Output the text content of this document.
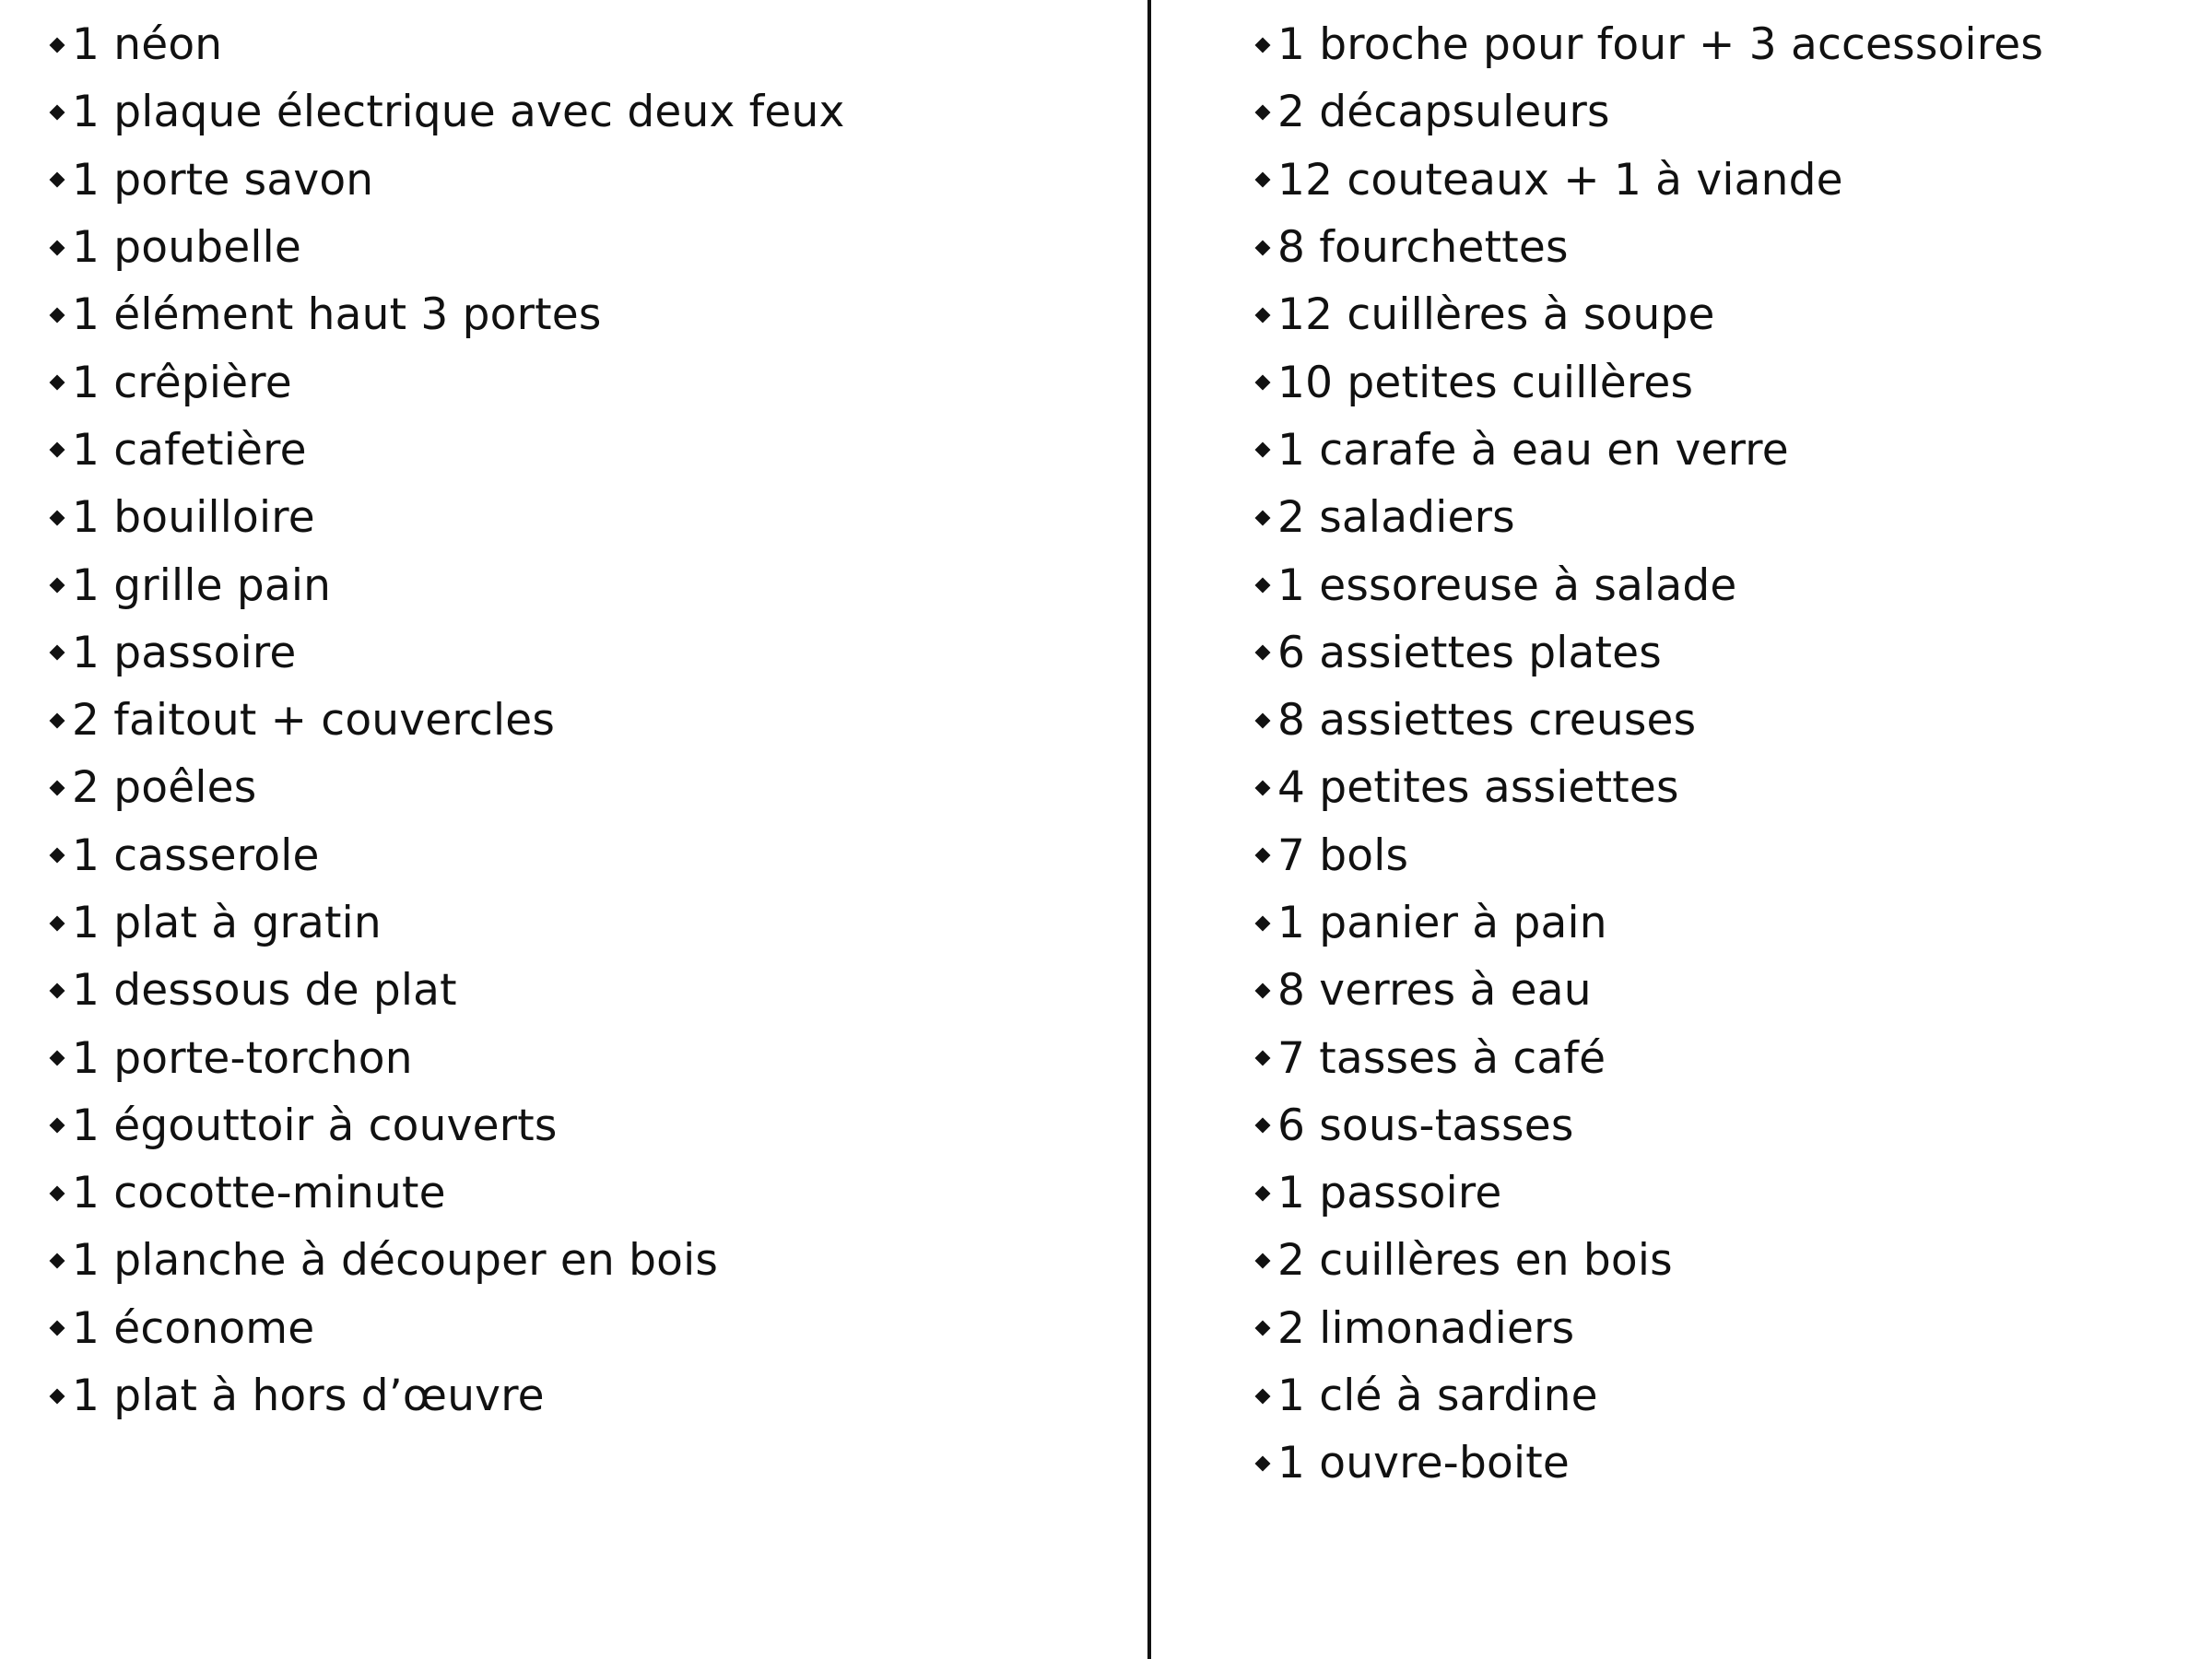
1 néon
1 plaque électrique avec deux feux
1 porte savon
1 poubelle
1 élément haut 3 portes
1 crêpière
1 cafetière
1 bouilloire
1 grille pain
1 passoire
2 faitout + couvercles
2 poêles
1 casserole
1 plat à gratin
1 dessous de plat
1 porte-torchon
1 égouttoir à couverts
1 cocotte-minute
1 planche à découper en bois
1 économe
1 plat à hors d’œuvre
1 broche pour four + 3 accessoires
2 décapsuleurs
12 couteaux + 1 à viande
8 fourchettes
12 cuillères à soupe
10 petites cuillères
1 carafe à eau en verre
2 saladiers
1 essoreuse à salade
6 assiettes plates
8 assiettes creuses
4 petites assiettes
7 bols
1 panier à pain
8 verres à eau
7 tasses à café
6 sous-tasses
1 passoire
2 cuillères en bois
2 limonadiers
1 clé à sardine
1 ouvre-boite
